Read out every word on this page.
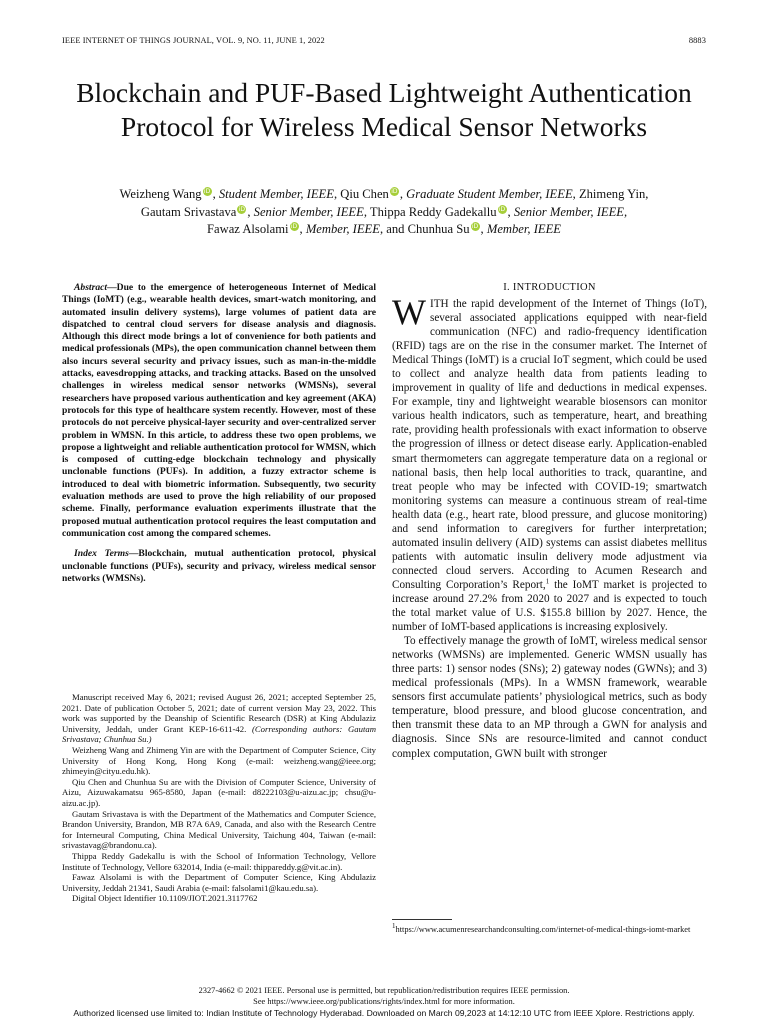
IEEE INTERNET OF THINGS JOURNAL, VOL. 9, NO. 11, JUNE 1, 2022	8883
Blockchain and PUF-Based Lightweight Authentication Protocol for Wireless Medical Sensor Networks
Weizheng Wang iD , Student Member, IEEE, Qiu Chen iD , Graduate Student Member, IEEE, Zhimeng Yin,
Gautam Srivastava iD , Senior Member, IEEE, Thippa Reddy Gadekallu iD , Senior Member, IEEE,
Fawaz Alsolami iD , Member, IEEE, and Chunhua Su iD , Member, IEEE

Abstract—Due to the emergence of heterogeneous Internet of Medical Things (IoMT) (e.g., wearable health devices, smart-watch monitoring, and automated insulin delivery systems), large volumes of patient data are dispatched to central cloud servers for disease analysis and diagnosis. Although this direct mode brings a lot of convenience for both patients and medical professionals (MPs), the open communication channel between them also incurs several security and privacy issues, such as man-in-the-middle attacks, eavesdropping attacks, and tracking attacks. Based on the unsolved challenges in wireless medical sensor networks (WMSNs), several researchers have proposed various authentication and key agreement (AKA) protocols for this type of healthcare system recently. However, most of these protocols do not perceive physical-layer security and over-centralized server problem in WMSN. In this article, to address these two open problems, we propose a lightweight and reliable authentication protocol for WMSN, which is composed of cutting-edge blockchain technology and physically unclonable functions (PUFs). In addition, a fuzzy extractor scheme is introduced to deal with biometric information. Subsequently, two security evaluation methods are used to prove the high reliability of our proposed scheme. Finally, performance evaluation experiments illustrate that the proposed mutual authentication protocol requires the least computation and communication cost among the compared schemes.

Index Terms—Blockchain, mutual authentication protocol, physical unclonable functions (PUFs), security and privacy, wireless medical sensor networks (WMSNs).

Manuscript received May 6, 2021; revised August 26, 2021; accepted September 25, 2021. Date of publication October 5, 2021; date of current version May 23, 2022. This work was supported by the Deanship of Scientific Research (DSR) at King Abdulaziz University, Jeddah, under Grant KEP-16-611-42. (Corresponding authors: Gautam Srivastava; Chunhua Su.)

Weizheng Wang and Zhimeng Yin are with the Department of Computer Science, City University of Hong Kong, Hong Kong (e-mail: weizheng.wang@ieee.org; zhimeyin@cityu.edu.hk).

Qiu Chen and Chunhua Su are with the Division of Computer Science, University of Aizu, Aizuwakamatsu 965-8580, Japan (e-mail: d8222103@u-aizu.ac.jp; chsu@u-aizu.ac.jp).

Gautam Srivastava is with the Department of the Mathematics and Computer Science, Brandon University, Brandon, MB R7A 6A9, Canada, and also with the Research Centre for Interneural Computing, China Medical University, Taichung 404, Taiwan (e-mail: srivastavag@brandonu.ca).

Thippa Reddy Gadekallu is with the School of Information Technology, Vellore Institute of Technology, Vellore 632014, India (e-mail: thippareddy.g@vit.ac.in).

Fawaz Alsolami is with the Department of Computer Science, King Abdulaziz University, Jeddah 21341, Saudi Arabia (e-mail: falsolami1@kau.edu.sa).

Digital Object Identifier 10.1109/JIOT.2021.3117762

I. INTRODUCTION

WITH the rapid development of the Internet of Things (IoT), several associated applications equipped with near-field communication (NFC) and radio-frequency identification (RFID) tags are on the rise in the consumer market. The Internet of Medical Things (IoMT) is a crucial IoT segment, which could be used to collect and analyze health data from patients leading to improvement in quality of life and deductions in medical expenses. For example, tiny and lightweight wearable biosensors can monitor various health indicators, such as temperature, heart, and breathing rate, providing health professionals with exact information to observe the progression of illness or detect disease early. Application-enabled smart thermometers can aggregate temperature data on a regional or national basis, then help local authorities to track, quarantine, and treat people who may be infected with COVID-19; smartwatch monitoring systems can measure a continuous stream of real-time health data (e.g., heart rate, blood pressure, and glucose monitoring) and send information to caregivers for further interpretation; automated insulin delivery (AID) systems can assist diabetes mellitus patients with automatic insulin delivery mode adjustment via connected cloud servers. According to Acumen Research and Consulting Corporation’s Report,$^1$ the IoMT market is projected to increase around 27.2% from 2020 to 2027 and is expected to touch the total market value of U.S. $155.8 billion by 2027. Hence, the number of IoMT-based applications is increasing explosively.

To effectively manage the growth of IoMT, wireless medical sensor networks (WMSNs) are implemented. Generic WMSN usually has three parts: 1) sensor nodes (SNs); 2) gateway nodes (GWNs); and 3) medical professionals (MPs). In a WMSN framework, wearable sensors first accumulate patients’ physiological metrics, such as body temperature, blood pressure, and blood glucose concentration, and then transmit these data to an MP through a GWN for analysis and diagnosis. Since SNs are resource-limited and cannot conduct complex computation, GWN built with stronger

$^1$https://www.acumenresearchandconsulting.com/internet-of-medical-things-iomt-market
2327-4662 © 2021 IEEE. Personal use is permitted, but republication/redistribution requires IEEE permission.
See https://www.ieee.org/publications/rights/index.html for more information.
Authorized licensed use limited to: Indian Institute of Technology Hyderabad. Downloaded on March 09,2023 at 14:12:10 UTC from IEEE Xplore. Restrictions apply.
